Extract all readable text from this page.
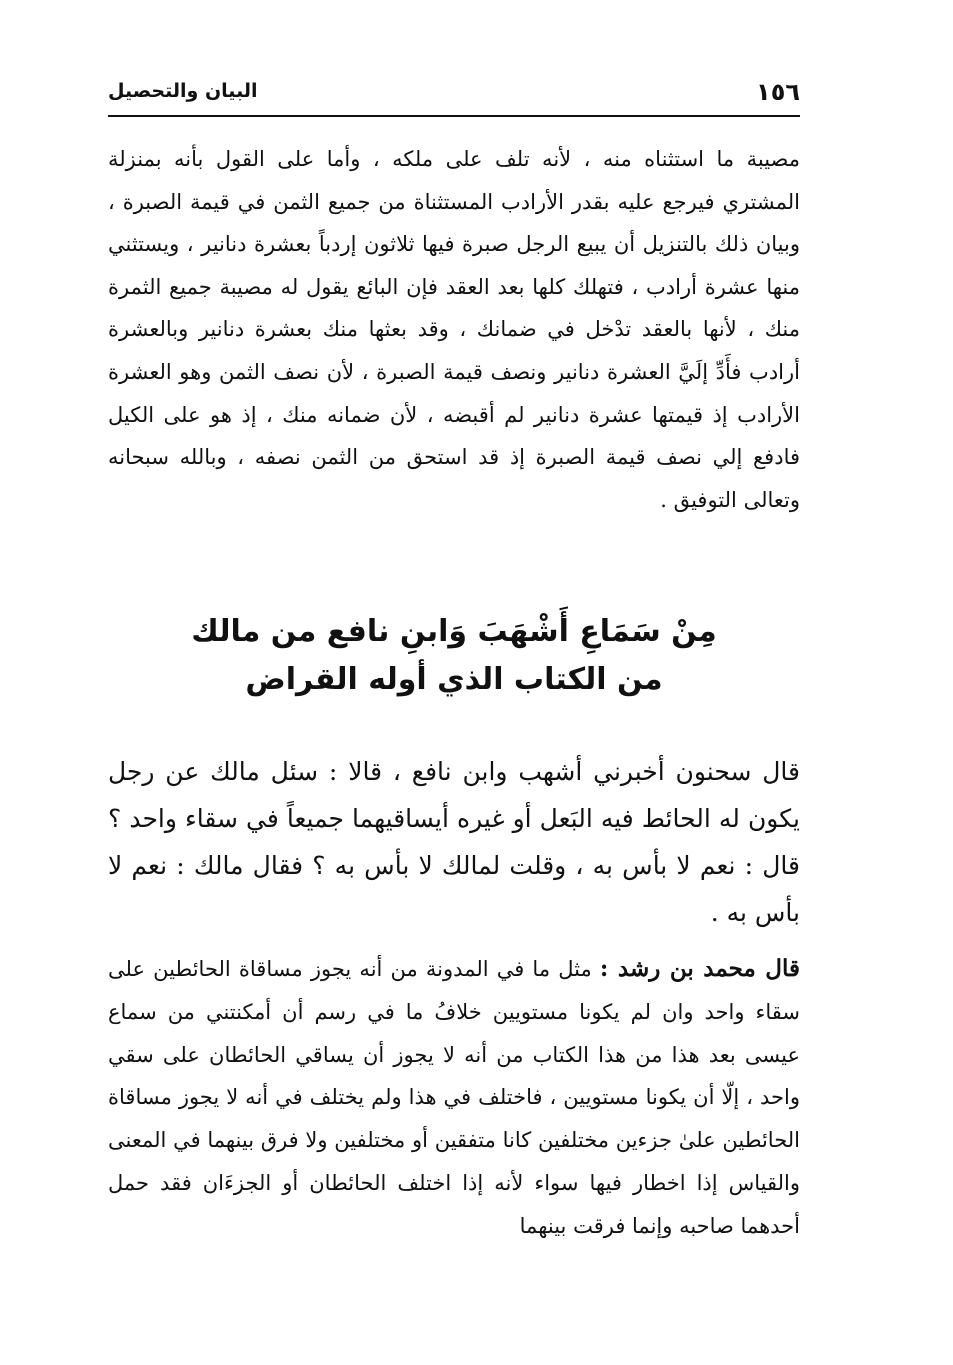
١٥٦
البيان والتحصيل

مصيبة ما استثناه منه ، لأنه تلف على ملكه ، وأما على القول بأنه بمنزلة المشتري فيرجع عليه بقدر الأرادب المستثناة من جميع الثمن في قيمة الصبرة ، وبيان ذلك بالتنزيل أن يبيع الرجل صبرة فيها ثلاثون إردباً بعشرة دنانير ، ويستثني منها عشرة أرادب ، فتهلك كلها بعد العقد فإن البائع يقول له مصيبة جميع الثمرة منك ، لأنها بالعقد تدْخل في ضمانك ، وقد بعثها منك بعشرة دنانير وبالعشرة أرادب فأَدِّ إلَيَّ العشرة دنانير ونصف قيمة الصبرة ، لأن نصف الثمن وهو العشرة الأرادب إذ قيمتها عشرة دنانير لم أقبضه ، لأن ضمانه منك ، إذ هو على الكيل فادفع إلي نصف قيمة الصبرة إذ قد استحق من الثمن نصفه ، وبالله سبحانه وتعالى التوفيق .

مِنْ سَمَاعِ أَشْهَبَ وَابنِ نافع من مالك
من الكتاب الذي أوله القراض

قال سحنون أخبرني أشهب وابن نافع ، قالا : سئل مالك عن رجل يكون له الحائط فيه البَعل أو غيره أيساقيهما جميعاً في سقاء واحد ؟ قال : نعم لا بأس به ، وقلت لمالك لا بأس به ؟ فقال مالك : نعم لا بأس به .

قال محمد بن رشد : مثل ما في المدونة من أنه يجوز مساقاة الحائطين على سقاء واحد وان لم يكونا مستويين خلافُ ما في رسم أن أمكنتني من سماع عيسى بعد هذا من هذا الكتاب من أنه لا يجوز أن يساقي الحائطان على سقي واحد ، إلّا أن يكونا مستويين ، فاختلف في هذا ولم يختلف في أنه لا يجوز مساقاة الحائطين علىٰ جزءين مختلفين كانا متفقين أو مختلفين ولا فرق بينهما في المعنى والقياس إذا اخطار فيها سواء لأنه إذا اختلف الحائطان أو الجزءَان فقد حمل أحدهما صاحبه وإنما فرقت بينهما
